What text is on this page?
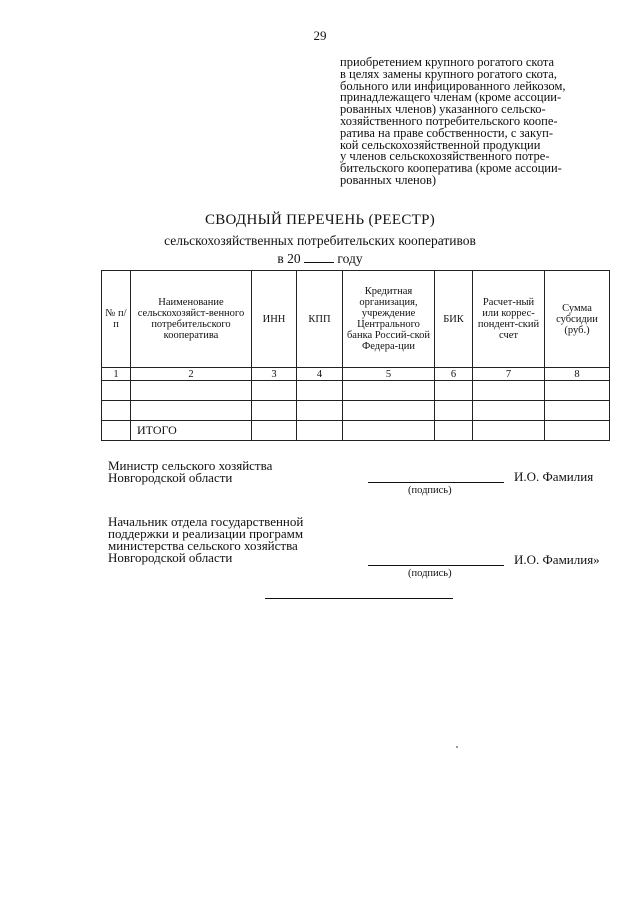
29
приобретением крупного рогатого скота
в целях замены крупного рогатого скота,
больного или инфицированного лейкозом,
принадлежащего членам (кроме ассоции-
рованных членов) указанного сельско-
хозяйственного потребительского коопе-
ратива на праве собственности, с закуп-
кой сельскохозяйственной продукции
у членов сельскохозяйственного потре-
бительского кооператива (кроме ассоции-
рованных членов)
СВОДНЫЙ ПЕРЕЧЕНЬ (РЕЕСТР)
сельскохозяйственных потребительских кооперативов
в 20	году
№ п/п	Наименование сельскохозяйст-венного потребительского кооператива	ИНН	КПП	Кредитная организация, учреждение Центрального банка Россий-ской Федера-ции	БИК	Расчет-ный или коррес-пондент-ский счет	Сумма субсидии (руб.)
1	2	3	4	5	6	7	8

	ИТОГО						
Министр сельского хозяйства
Новгородской области
(подпись)
И.О. Фамилия
Начальник отдела государственной
поддержки и реализации программ
министерства сельского хозяйства
Новгородской области
(подпись)
И.О. Фамилия»
